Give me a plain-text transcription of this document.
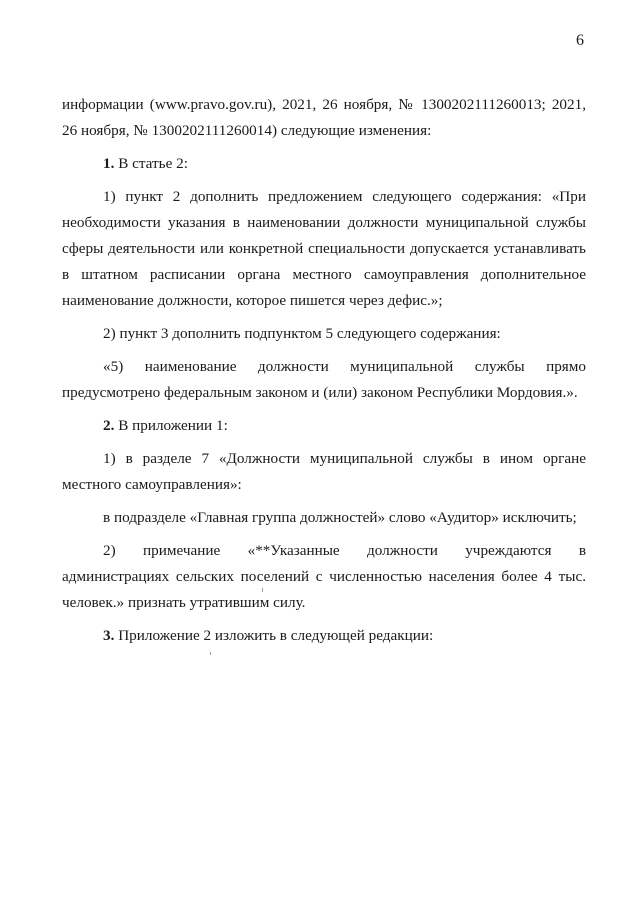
6
информации (www.pravo.gov.ru), 2021, 26 ноября, № 1300202111260013; 2021,
26 ноября, № 1300202111260014) следующие изменения:
1. В статье 2:
1) пункт 2 дополнить предложением следующего содержания: «При
необходимости указания в наименовании должности муниципальной службы
сферы деятельности или конкретной специальности допускается устанавливать
в штатном расписании органа местного самоуправления дополнительное
наименование должности, которое пишется через дефис.»;
2) пункт 3 дополнить подпунктом 5 следующего содержания:
«5) наименование должности муниципальной службы прямо
предусмотрено федеральным законом и (или) законом Республики Мордовия.».
2. В приложении 1:
1) в разделе 7 «Должности муниципальной службы в ином органе
местного самоуправления»:
в подразделе «Главная группа должностей» слово «Аудитор» исключить;
2) примечание «**Указанные должности учреждаются в
администрациях сельских поселений с численностью населения более 4 тыс.
человек.» признать утратившим силу.
3. Приложение 2 изложить в следующей редакции:
